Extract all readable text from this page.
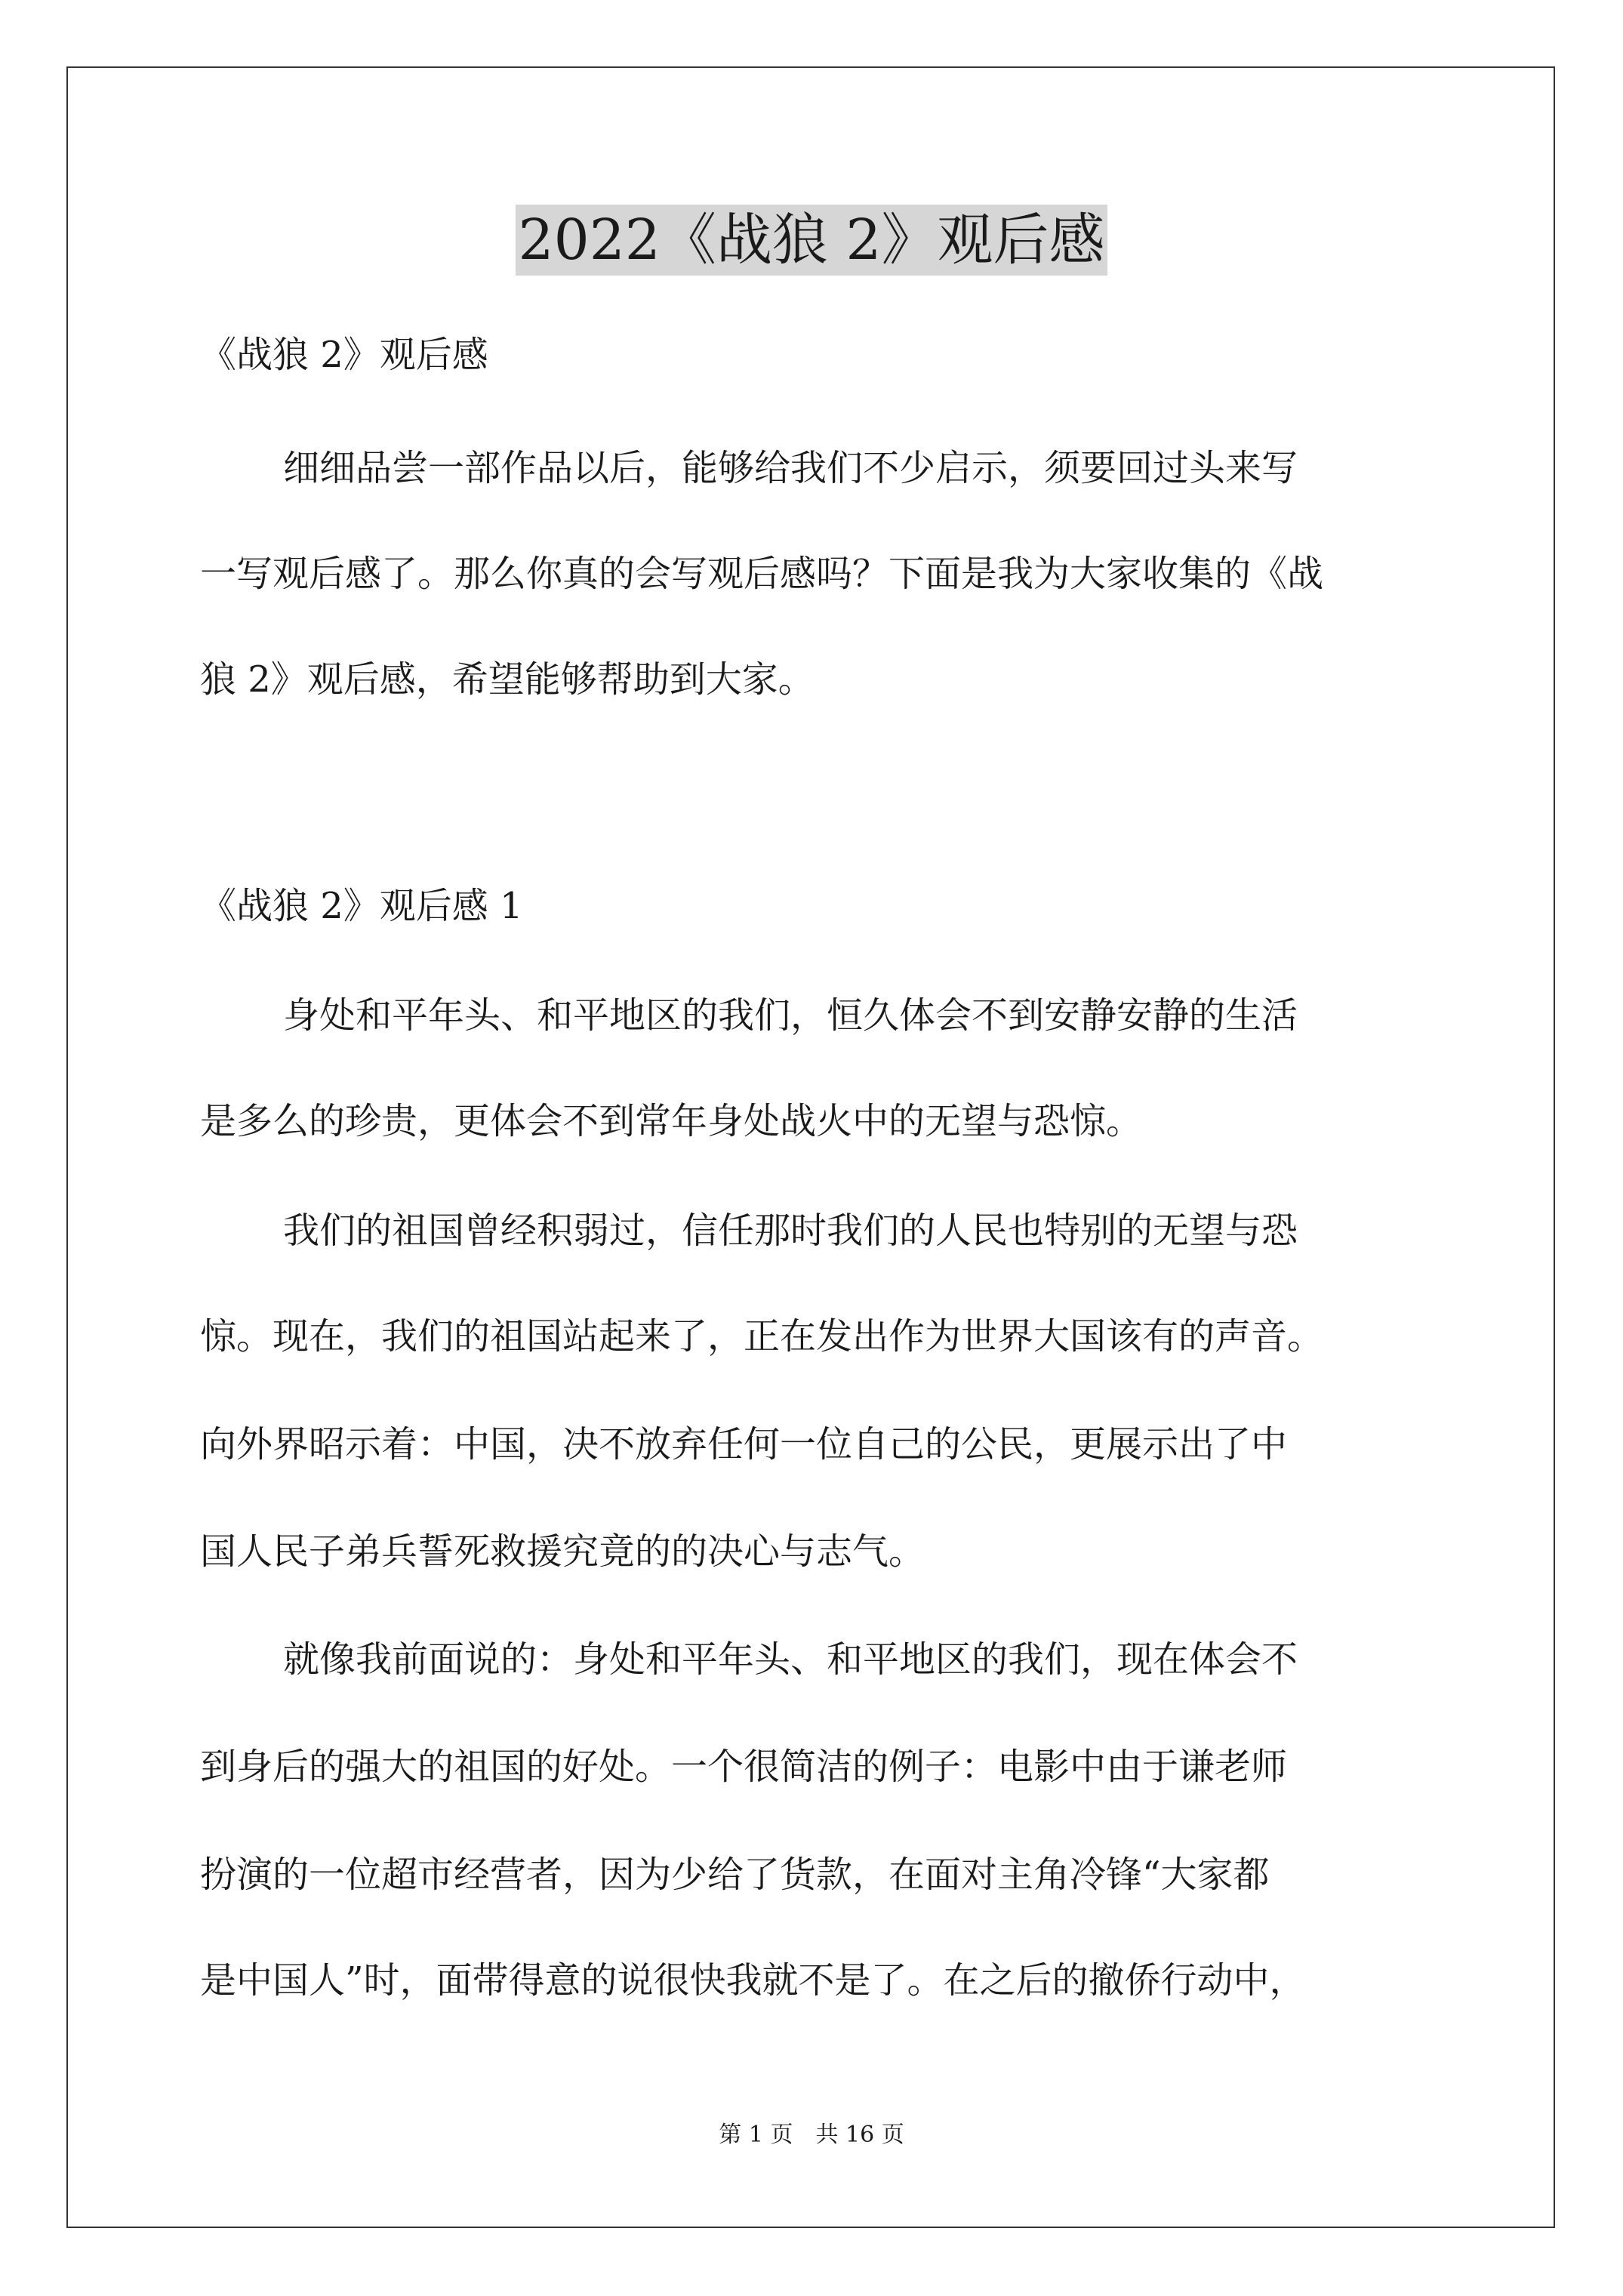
2022《战狼 2》观后感
《战狼 2》观后感
细细品尝一部作品以后，能够给我们不少启示，须要回过头来写
一写观后感了。那么你真的会写观后感吗？下面是我为大家收集的《战
狼 2》观后感，希望能够帮助到大家。
《战狼 2》观后感 1
身处和平年头、和平地区的我们，恒久体会不到安静安静的生活
是多么的珍贵，更体会不到常年身处战火中的无望与恐惊。
我们的祖国曾经积弱过，信任那时我们的人民也特别的无望与恐
惊。现在，我们的祖国站起来了，正在发出作为世界大国该有的声音。
向外界昭示着：中国，决不放弃任何一位自己的公民，更展示出了中
国人民子弟兵誓死救援究竟的的决心与志气。
就像我前面说的：身处和平年头、和平地区的我们，现在体会不
到身后的强大的祖国的好处。一个很简洁的例子：电影中由于谦老师
扮演的一位超市经营者，因为少给了货款，在面对主角冷锋“大家都
是中国人”时，面带得意的说很快我就不是了。在之后的撤侨行动中，
第 1 页　共 16 页
